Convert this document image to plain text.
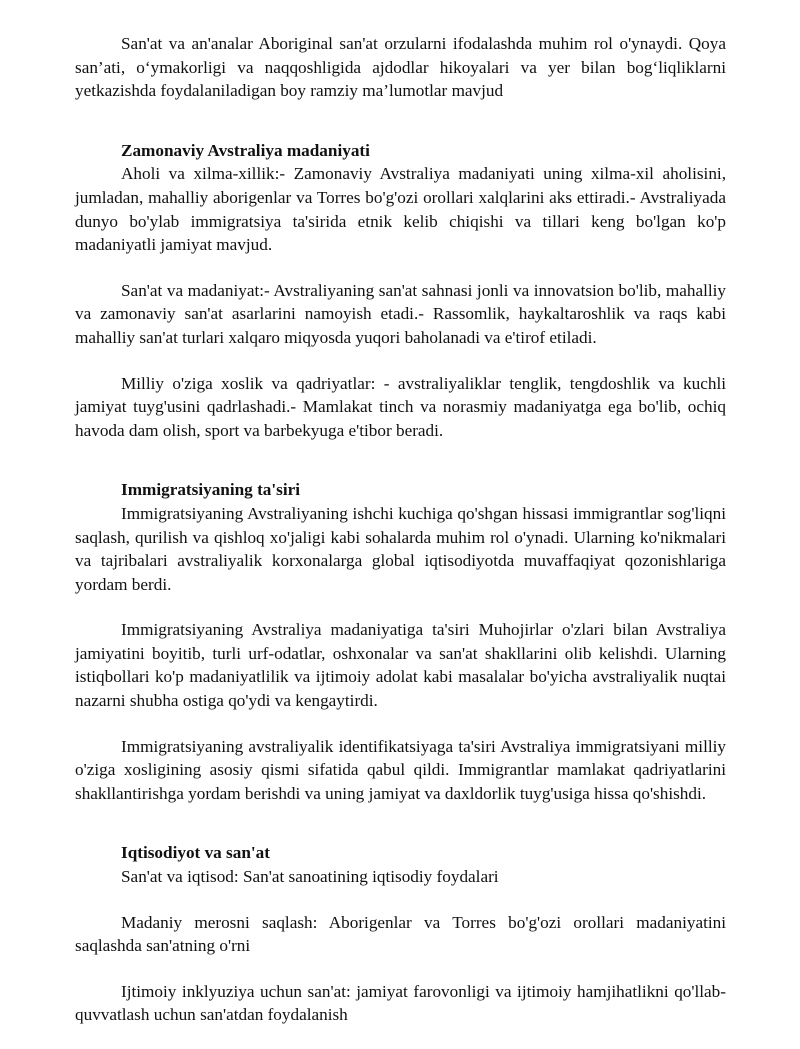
San'at va an'analar Aboriginal san'at orzularni ifodalashda muhim rol o'ynaydi. Qoya san’ati, o‘ymakorligi va naqqoshligida ajdodlar hikoyalari va yer bilan bog‘liqliklarni yetkazishda foydalaniladigan boy ramziy ma’lumotlar mavjud

Zamonaviy Avstraliya madaniyati

Aholi va xilma-xillik:- Zamonaviy Avstraliya madaniyati uning xilma-xil aholisini, jumladan, mahalliy aborigenlar va Torres bo'g'ozi orollari xalqlarini aks ettiradi.- Avstraliyada dunyo bo'ylab immigratsiya ta'sirida etnik kelib chiqishi va tillari keng bo'lgan ko'p madaniyatli jamiyat mavjud.

San'at va madaniyat:- Avstraliyaning san'at sahnasi jonli va innovatsion bo'lib, mahalliy va zamonaviy san'at asarlarini namoyish etadi.- Rassomlik, haykaltaroshlik va raqs kabi mahalliy san'at turlari xalqaro miqyosda yuqori baholanadi va e'tirof etiladi.

Milliy o'ziga xoslik va qadriyatlar: - avstraliyaliklar tenglik, tengdoshlik va kuchli jamiyat tuyg'usini qadrlashadi.- Mamlakat tinch va norasmiy madaniyatga ega bo'lib, ochiq havoda dam olish, sport va barbekyuga e'tibor beradi.

Immigratsiyaning ta'siri

Immigratsiyaning Avstraliyaning ishchi kuchiga qo'shgan hissasi immigrantlar sog'liqni saqlash, qurilish va qishloq xo'jaligi kabi sohalarda muhim rol o'ynadi. Ularning ko'nikmalari va tajribalari avstraliyalik korxonalarga global iqtisodiyotda muvaffaqiyat qozonishlariga yordam berdi.

Immigratsiyaning Avstraliya madaniyatiga ta'siri Muhojirlar o'zlari bilan Avstraliya jamiyatini boyitib, turli urf-odatlar, oshxonalar va san'at shakllarini olib kelishdi. Ularning istiqbollari ko'p madaniyatlilik va ijtimoiy adolat kabi masalalar bo'yicha avstraliyalik nuqtai nazarni shubha ostiga qo'ydi va kengaytirdi.

Immigratsiyaning avstraliyalik identifikatsiyaga ta'siri Avstraliya immigratsiyani milliy o'ziga xosligining asosiy qismi sifatida qabul qildi. Immigrantlar mamlakat qadriyatlarini shakllantirishga yordam berishdi va uning jamiyat va daxldorlik tuyg'usiga hissa qo'shishdi.

Iqtisodiyot va san'at

San'at va iqtisod: San'at sanoatining iqtisodiy foydalari

Madaniy merosni saqlash: Aborigenlar va Torres bo'g'ozi orollari madaniyatini saqlashda san'atning o'rni

Ijtimoiy inklyuziya uchun san'at: jamiyat farovonligi va ijtimoiy hamjihatlikni qo'llab-quvvatlash uchun san'atdan foydalanish
